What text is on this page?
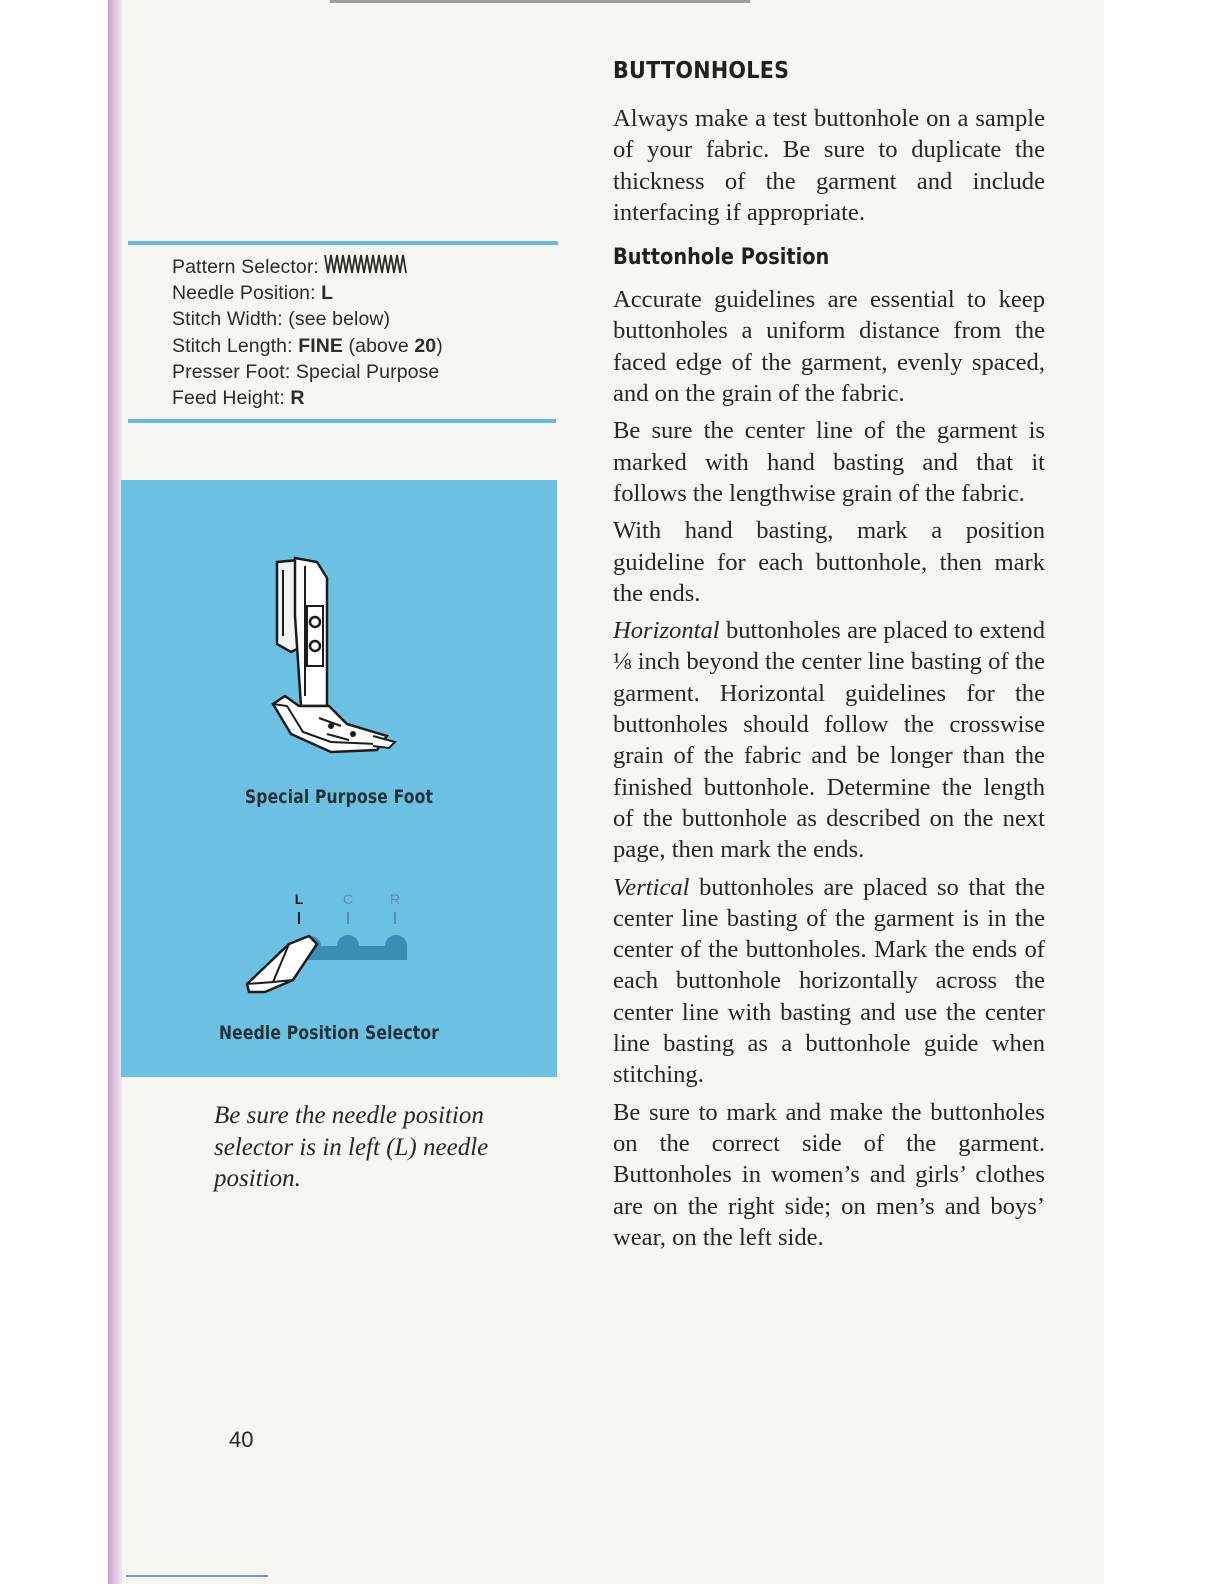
Pattern Selector:
Needle Position: L
Stitch Width: (see below)
Stitch Length: FINE (above 20)
Presser Foot: Special Purpose
Feed Height: R
Special Purpose Foot
L	C	R
Needle Position Selector

Be sure the needle position selector is in left (L) needle position.

40
BUTTONHOLES

Always make a test buttonhole on a sample of your fabric. Be sure to duplicate the thickness of the garment and include interfacing if appropriate.

Buttonhole Position

Accurate guidelines are essential to keep buttonholes a uniform distance from the faced edge of the garment, evenly spaced, and on the grain of the fabric.

Be sure the center line of the garment is marked with hand basting and that it follows the lengthwise grain of the fabric.

With hand basting, mark a position guideline for each buttonhole, then mark the ends.

Horizontal buttonholes are placed to extend ⅛ inch beyond the center line basting of the garment. Horizontal guidelines for the buttonholes should follow the crosswise grain of the fabric and be longer than the finished buttonhole. Determine the length of the buttonhole as described on the next page, then mark the ends.

Vertical buttonholes are placed so that the center line basting of the garment is in the center of the buttonholes. Mark the ends of each buttonhole horizontally across the center line with basting and use the center line basting as a buttonhole guide when stitching.

Be sure to mark and make the buttonholes on the correct side of the garment. Buttonholes in women’s and girls’ clothes are on the right side; on men’s and boys’ wear, on the left side.
